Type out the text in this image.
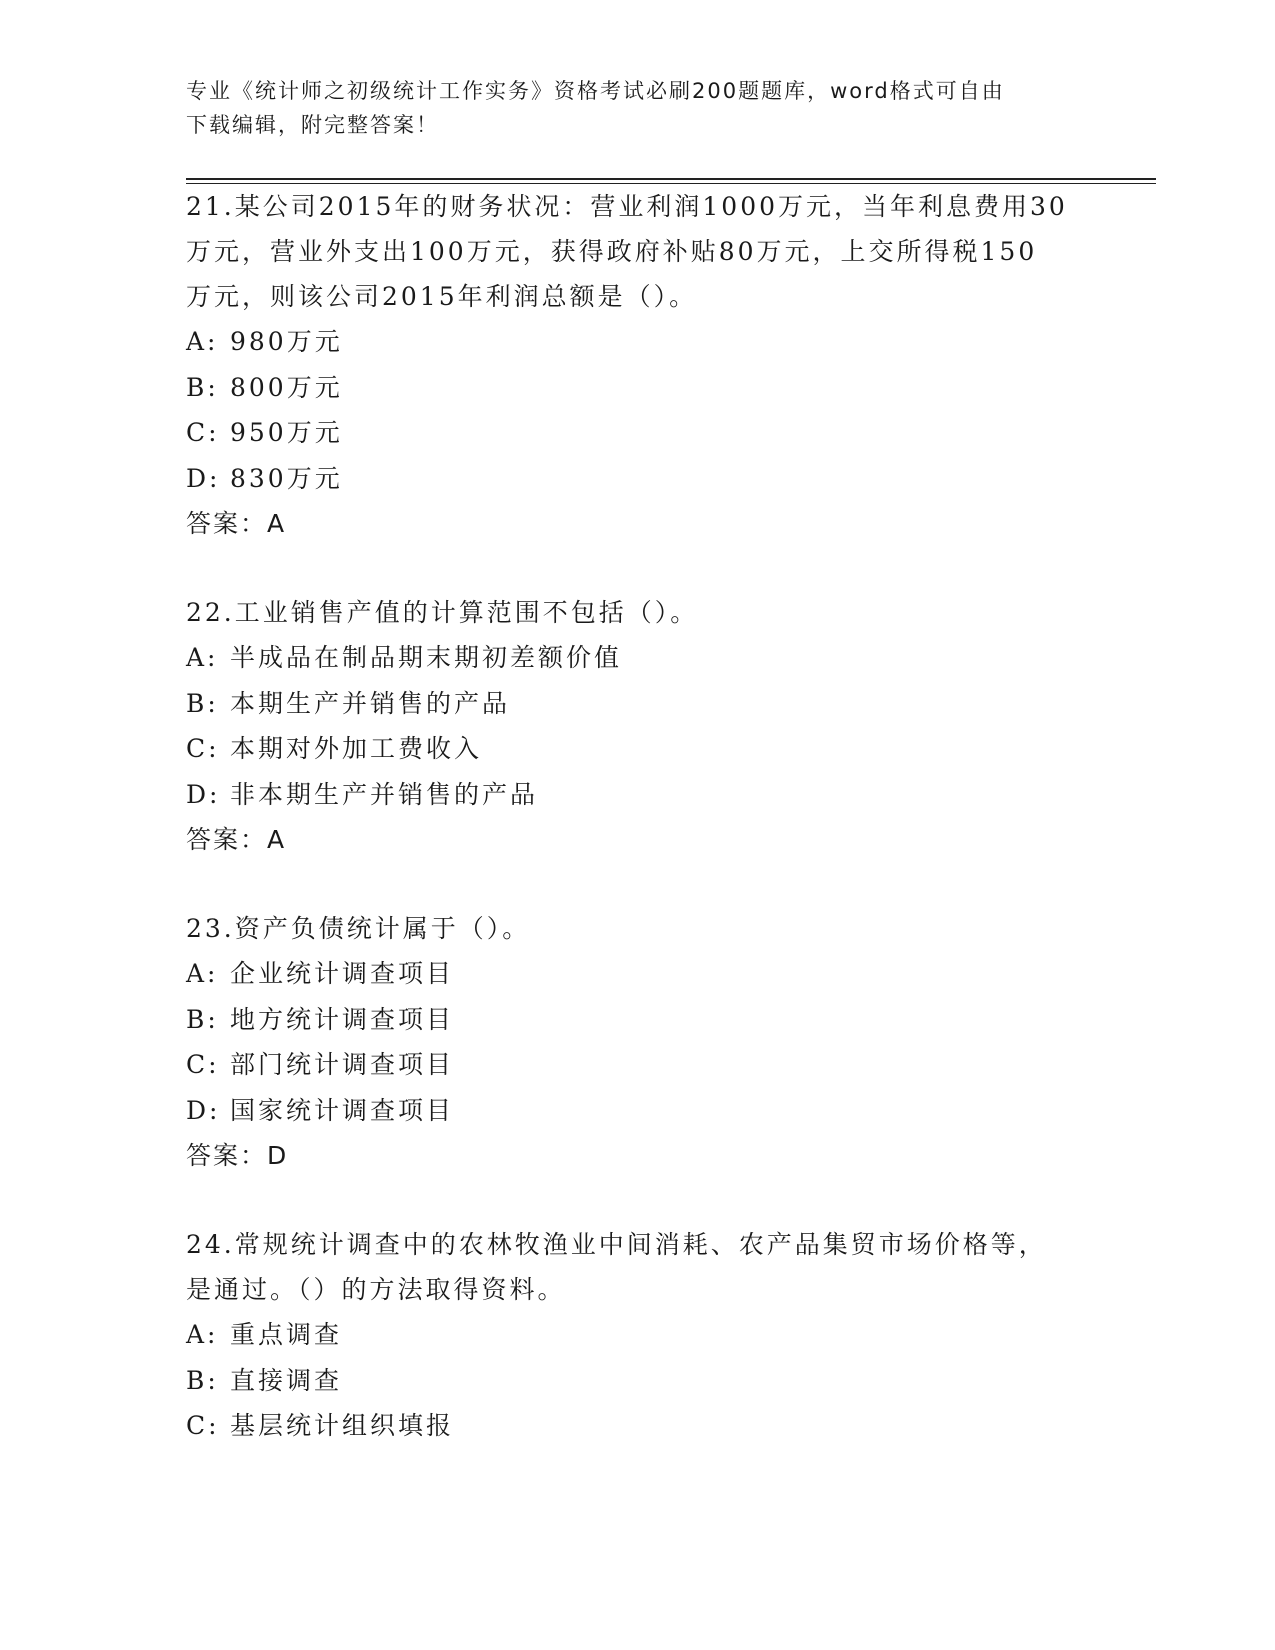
专业《统计师之初级统计工作实务》资格考试必刷200题题库，word格式可自由
下载编辑，附完整答案！

21.某公司2015年的财务状况：营业利润1000万元，当年利息费用30

万元，营业外支出100万元，获得政府补贴80万元，上交所得税150

万元，则该公司2015年利润总额是（）。

A: 980万元

B: 800万元

C: 950万元

D: 830万元

答案：A

22.工业销售产值的计算范围不包括（）。

A: 半成品在制品期末期初差额价值

B: 本期生产并销售的产品

C: 本期对外加工费收入

D: 非本期生产并销售的产品

答案：A

23.资产负债统计属于（）。

A: 企业统计调查项目

B: 地方统计调查项目

C: 部门统计调查项目

D: 国家统计调查项目

答案：D

24.常规统计调查中的农林牧渔业中间消耗、农产品集贸市场价格等，

是通过。（）的方法取得资料。

A: 重点调查

B: 直接调查

C: 基层统计组织填报
